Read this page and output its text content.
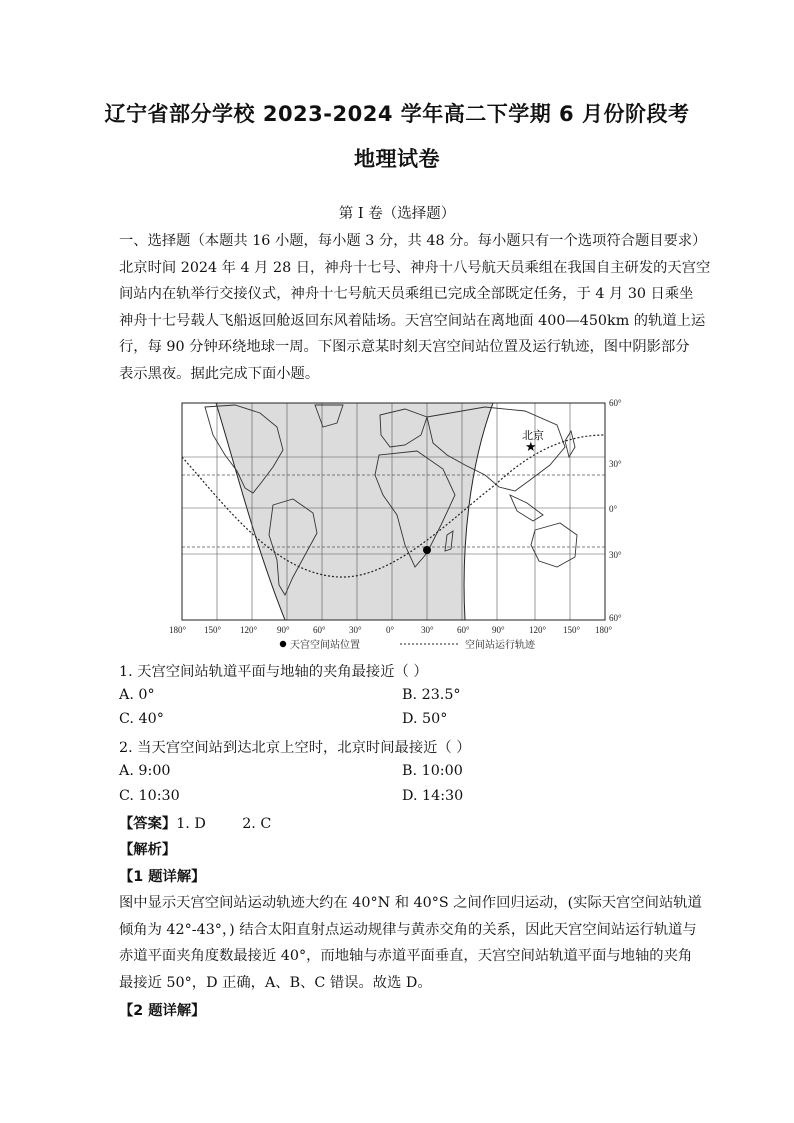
辽宁省部分学校 2023-2024 学年高二下学期 6 月份阶段考
地理试卷
第 I 卷（选择题）
一、选择题（本题共 16 小题，每小题 3 分，共 48 分。每小题只有一个选项符合题目要求）
北京时间 2024 年 4 月 28 日，神舟十七号、神舟十八号航天员乘组在我国自主研发的天宫空
间站内在轨举行交接仪式，神舟十七号航天员乘组已完成全部既定任务，于 4 月 30 日乘坐
神舟十七号载人飞船返回舱返回东风着陆场。天宫空间站在离地面 400—450km 的轨道上运
行，每 90 分钟环绕地球一周。下图示意某时刻天宫空间站位置及运行轨迹，图中阴影部分
表示黑夜。据此完成下面小题。
★
北京
60°
30°
0°
30°
60°
180° 150° 120° 90°	60°	30°	0°	30°	60° 90°	120° 150° 180°
天宫空间站位置	空间站运行轨迹
1. 天宫空间站轨道平面与地轴的夹角最接近（ ）
A. 0°	B. 23.5°
C. 40°	D. 50°
2. 当天宫空间站到达北京上空时，北京时间最接近（ ）
A. 9:00	B. 10:00
C. 10:30	D. 14:30
【答案】1. D        2. C
【解析】
【1 题详解】
图中显示天宫空间站运动轨迹大约在 40°N 和 40°S 之间作回归运动，(实际天宫空间站轨道
倾角为 42°-43°，) 结合太阳直射点运动规律与黄赤交角的关系，因此天宫空间站运行轨道与
赤道平面夹角度数最接近 40°，而地轴与赤道平面垂直，天宫空间站轨道平面与地轴的夹角
最接近 50°，D 正确，A、B、C 错误。故选 D。
【2 题详解】
